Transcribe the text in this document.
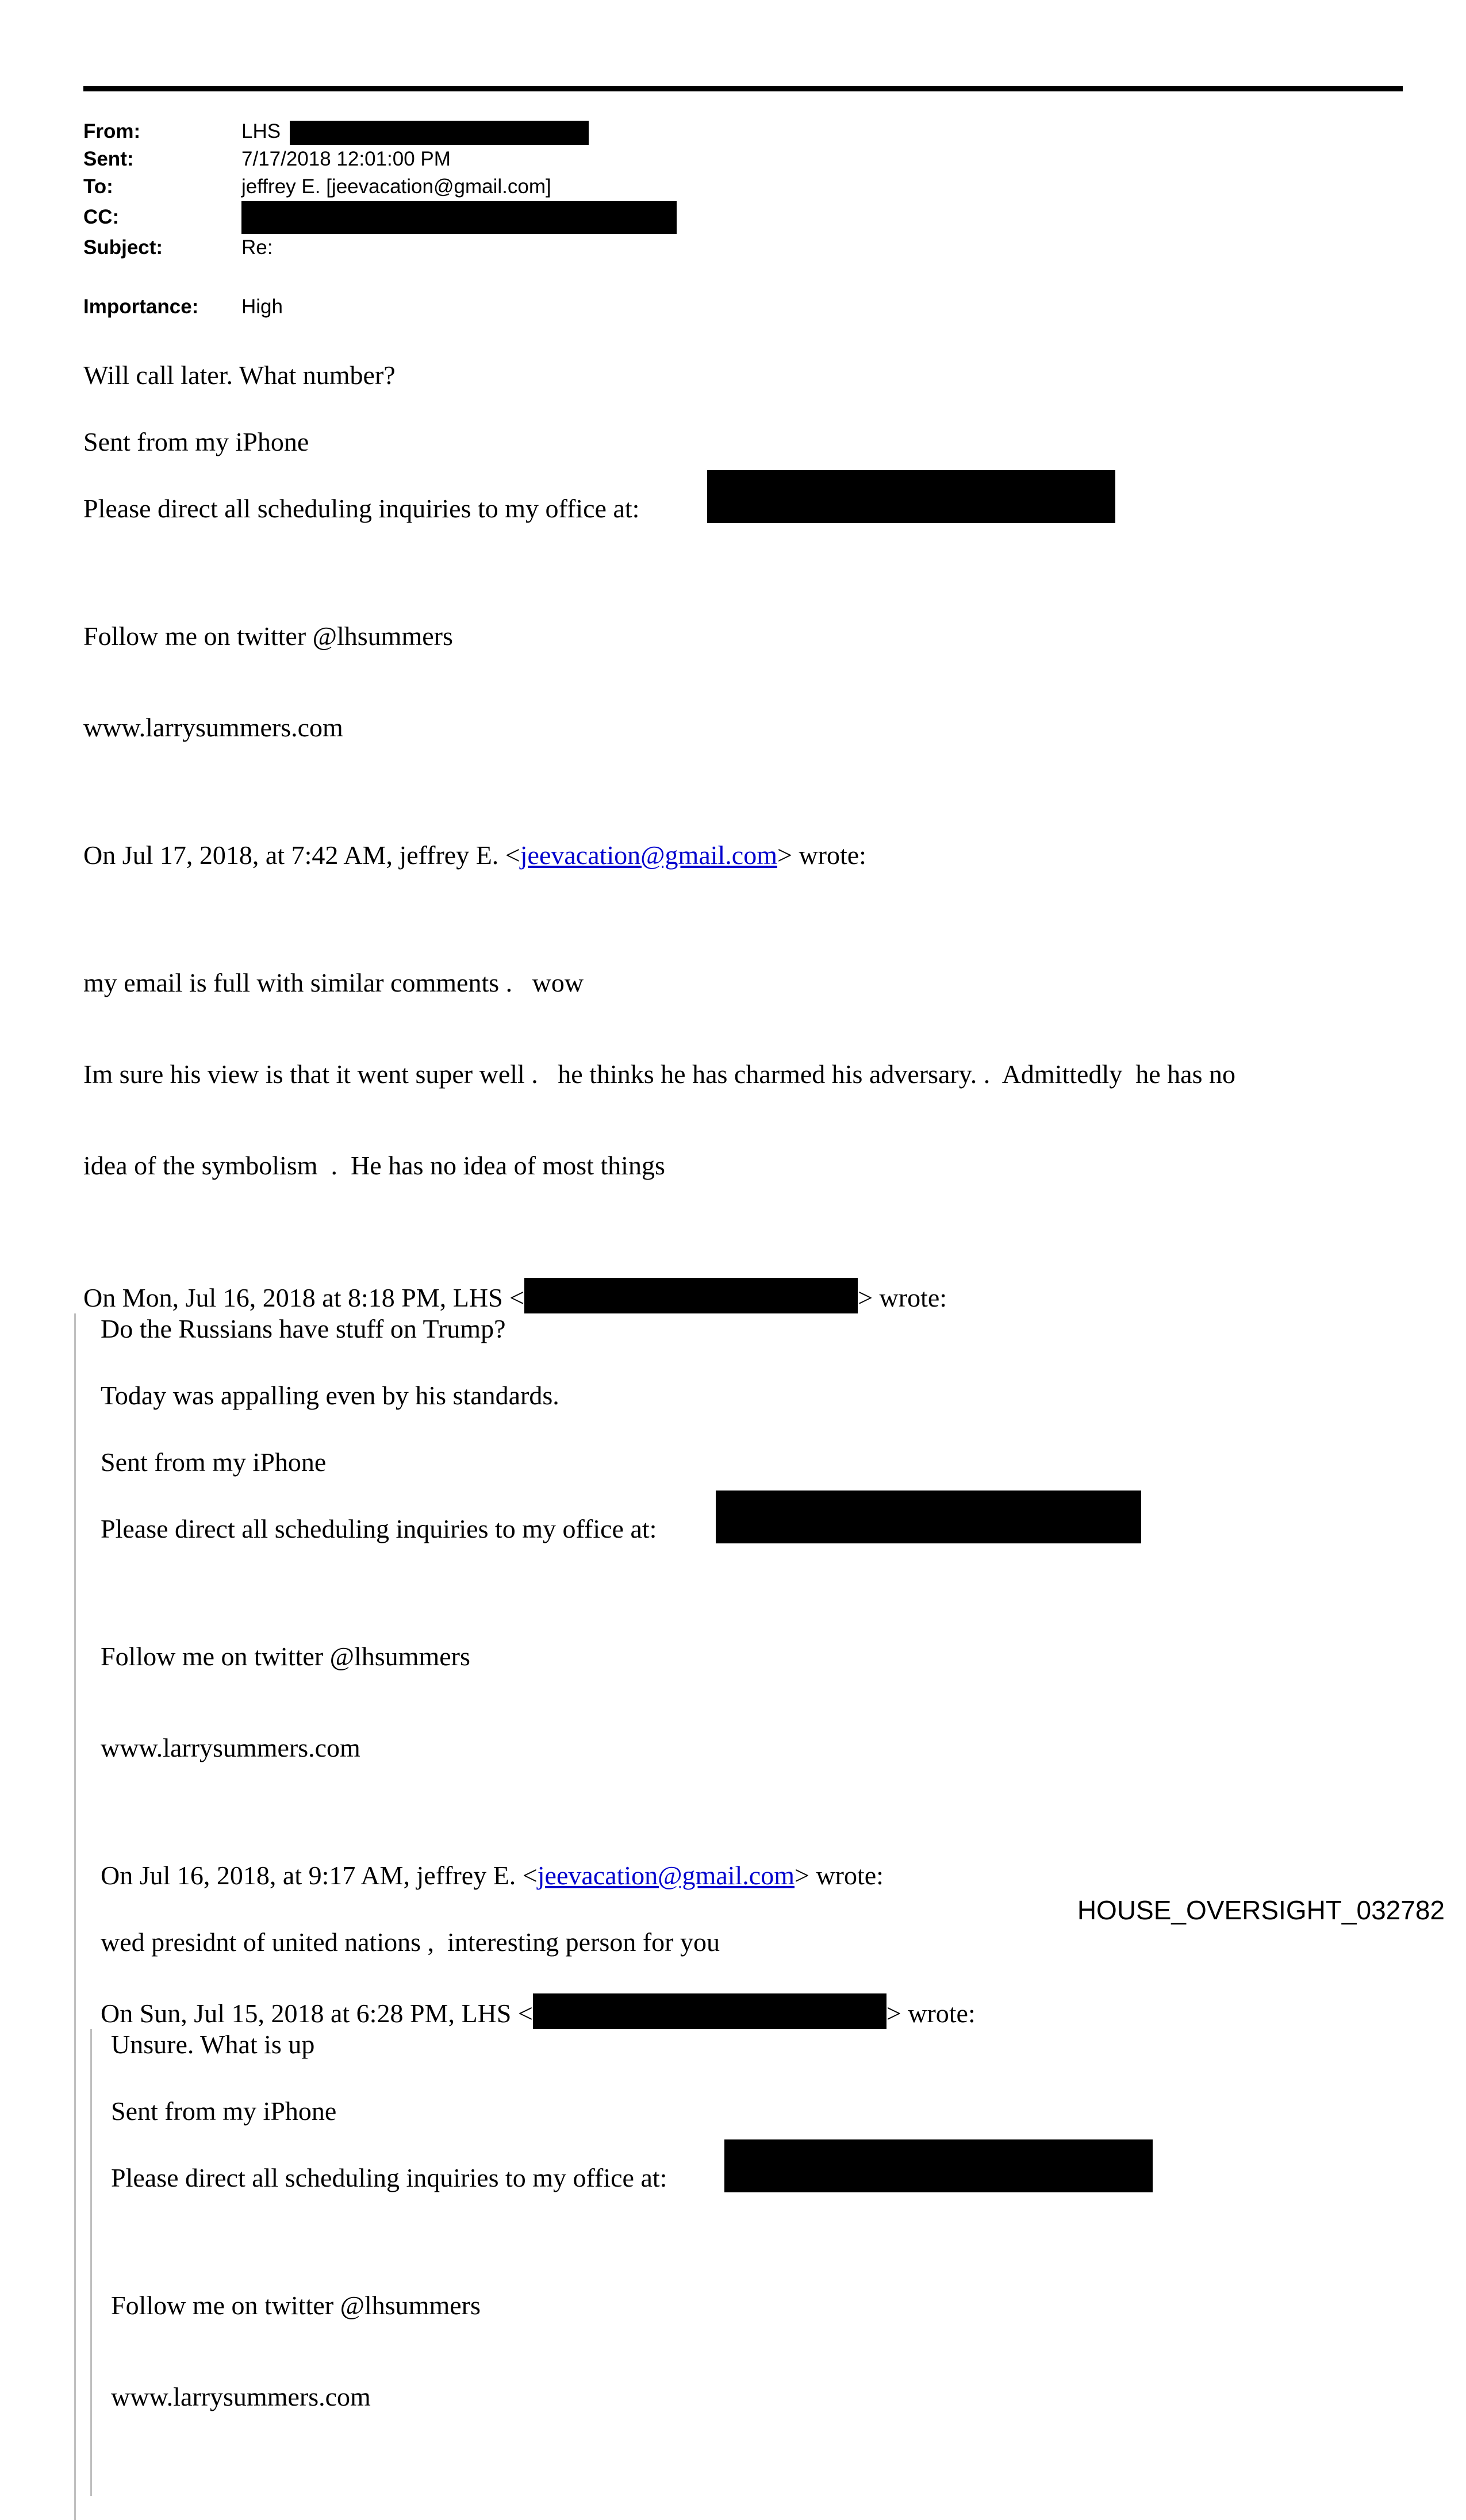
From:	LHS
Sent:	7/17/2018 12:01:00 PM
To:	jeffrey E. [jeevacation@gmail.com]
CC:
Subject:	Re:
Importance:	High
Will call later. What number?
Sent from my iPhone
Please direct all scheduling inquiries to my office at:

Follow me on twitter @lhsummers

www.larrysummers.com

On Jul 17, 2018, at 7:42 AM, jeffrey E. <jeevacation@gmail.com> wrote:

my email is full with similar comments .   wow

Im sure his view is that it went super well .   he thinks he has charmed his adversary. .  Admittedly  he has no

idea of the symbolism  .  He has no idea of most things

On Mon, Jul 16, 2018 at 8:18 PM, LHS <	> wrote:
Do the Russians have stuff on Trump?
Today was appalling even by his standards.
Sent from my iPhone
Please direct all scheduling inquiries to my office at:

Follow me on twitter @lhsummers

www.larrysummers.com

On Jul 16, 2018, at 9:17 AM, jeffrey E. <jeevacation@gmail.com> wrote:
wed presidnt of united nations ,  interesting person for you
On Sun, Jul 15, 2018 at 6:28 PM, LHS <	> wrote:
Unsure. What is up
Sent from my iPhone
Please direct all scheduling inquiries to my office at:

Follow me on twitter @lhsummers

www.larrysummers.com

HOUSE_OVERSIGHT_032782
